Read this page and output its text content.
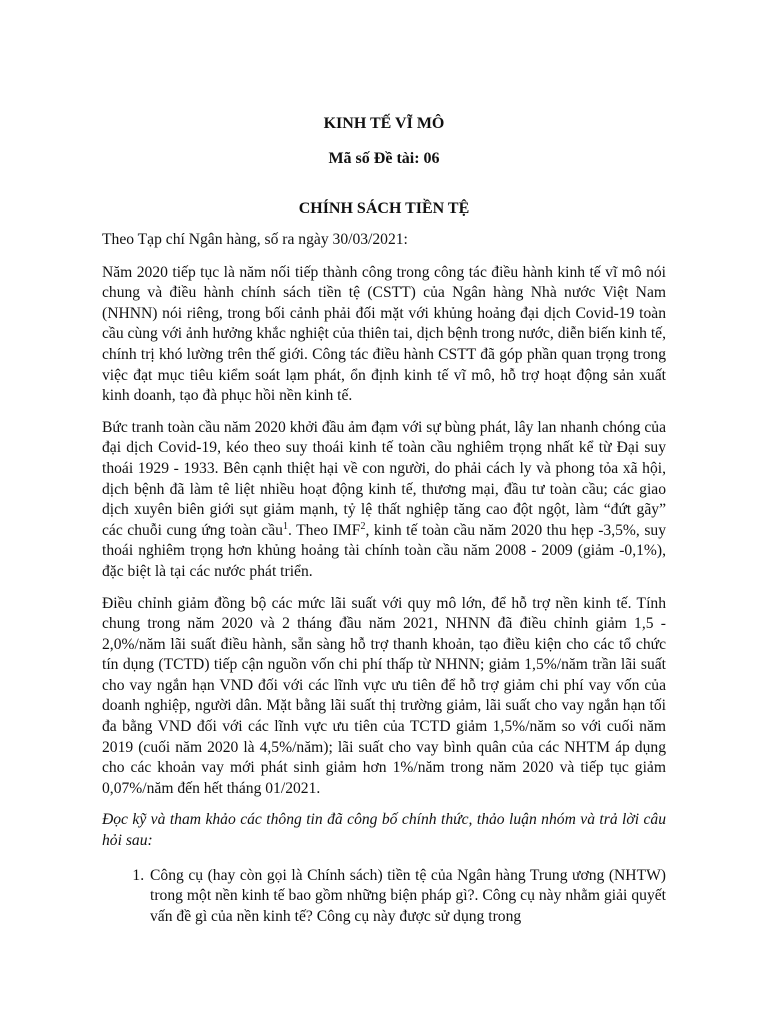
KINH TẾ VĨ MÔ
Mã số Đề tài: 06
CHÍNH SÁCH TIỀN TỆ

Theo Tạp chí Ngân hàng, số ra ngày 30/03/2021:

Năm 2020 tiếp tục là năm nối tiếp thành công trong công tác điều hành kinh tế vĩ mô nói chung và điều hành chính sách tiền tệ (CSTT) của Ngân hàng Nhà nước Việt Nam (NHNN) nói riêng, trong bối cảnh phải đối mặt với khủng hoảng đại dịch Covid-19 toàn cầu cùng với ảnh hưởng khắc nghiệt của thiên tai, dịch bệnh trong nước, diễn biến kinh tế, chính trị khó lường trên thế giới. Công tác điều hành CSTT đã góp phần quan trọng trong việc đạt mục tiêu kiểm soát lạm phát, ổn định kinh tế vĩ mô, hỗ trợ hoạt động sản xuất kinh doanh, tạo đà phục hồi nền kinh tế.

Bức tranh toàn cầu năm 2020 khởi đầu ảm đạm với sự bùng phát, lây lan nhanh chóng của đại dịch Covid-19, kéo theo suy thoái kinh tế toàn cầu nghiêm trọng nhất kể từ Đại suy thoái 1929 - 1933. Bên cạnh thiệt hại về con người, do phải cách ly và phong tỏa xã hội, dịch bệnh đã làm tê liệt nhiều hoạt động kinh tế, thương mại, đầu tư toàn cầu; các giao dịch xuyên biên giới sụt giảm mạnh, tỷ lệ thất nghiệp tăng cao đột ngột, làm “đứt gãy” các chuỗi cung ứng toàn cầu$^1$. Theo IMF$^2$, kinh tế toàn cầu năm 2020 thu hẹp -3,5%, suy thoái nghiêm trọng hơn khủng hoảng tài chính toàn cầu năm 2008 - 2009 (giảm -0,1%), đặc biệt là tại các nước phát triển.

Điều chỉnh giảm đồng bộ các mức lãi suất với quy mô lớn, để hỗ trợ nền kinh tế. Tính chung trong năm 2020 và 2 tháng đầu năm 2021, NHNN đã điều chỉnh giảm 1,5 - 2,0%/năm lãi suất điều hành, sẵn sàng hỗ trợ thanh khoản, tạo điều kiện cho các tổ chức tín dụng (TCTD) tiếp cận nguồn vốn chi phí thấp từ NHNN; giảm 1,5%/năm trần lãi suất cho vay ngắn hạn VND đối với các lĩnh vực ưu tiên để hỗ trợ giảm chi phí vay vốn của doanh nghiệp, người dân. Mặt bằng lãi suất thị trường giảm, lãi suất cho vay ngắn hạn tối đa bằng VND đối với các lĩnh vực ưu tiên của TCTD giảm 1,5%/năm so với cuối năm 2019 (cuối năm 2020 là 4,5%/năm); lãi suất cho vay bình quân của các NHTM áp dụng cho các khoản vay mới phát sinh giảm hơn 1%/năm trong năm 2020 và tiếp tục giảm 0,07%/năm đến hết tháng 01/2021.

Đọc kỹ và tham khảo các thông tin đã công bố chính thức, thảo luận nhóm và trả lời câu hỏi sau:

1. Công cụ (hay còn gọi là Chính sách) tiền tệ của Ngân hàng Trung ương (NHTW) trong một nền kinh tế bao gồm những biện pháp gì?. Công cụ này nhằm giải quyết vấn đề gì của nền kinh tế? Công cụ này được sử dụng trong
